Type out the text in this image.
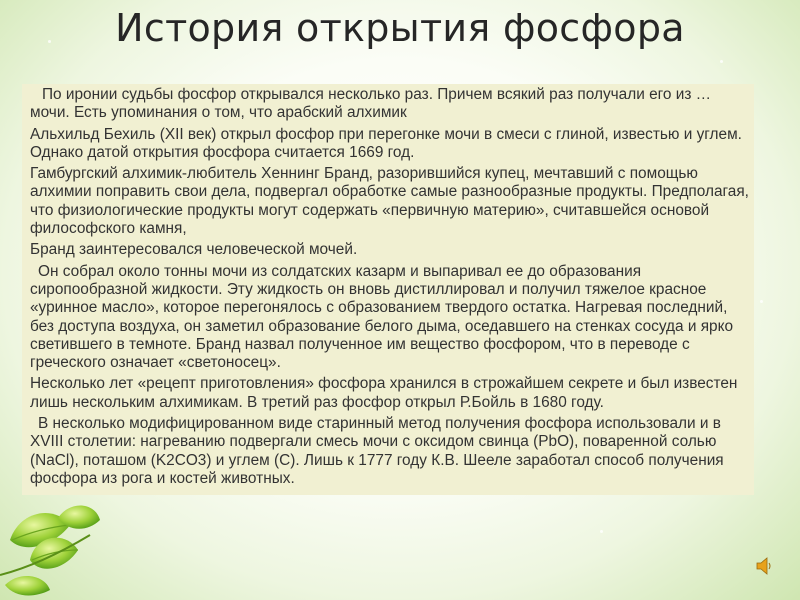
История открытия фосфора

По иронии судьбы фосфор открывался несколько раз. Причем всякий раз получали его из … мочи. Есть упоминания о том, что арабский алхимик

Альхильд Бехиль (XII век) открыл фосфор при перегонке мочи в смеси с глиной, известью и углем. Однако датой открытия фосфора считается 1669 год.

Гамбургский алхимик-любитель Хеннинг Бранд, разорившийся купец, мечтавший с помощью алхимии поправить свои дела, подвергал обработке самые разнообразные продукты. Предполагая, что физиологические продукты могут содержать «первичную материю», считавшейся основой философского камня,

Бранд заинтересовался человеческой мочей.

Он собрал около тонны мочи из солдатских казарм и выпаривал ее до образования сиропообразной жидкости. Эту жидкость он вновь дистиллировал и получил тяжелое красное «уринное масло», которое перегонялось с образованием твердого остатка. Нагревая последний, без доступа воздуха, он заметил образование белого дыма, оседавшего на стенках сосуда и ярко светившего в темноте. Бранд назвал полученное им вещество фосфором, что в переводе с греческого означает «светоносец».

Несколько лет «рецепт приготовления» фосфора хранился в строжайшем секрете и был известен лишь нескольким алхимикам. В третий раз фосфор открыл Р.Бойль в 1680 году.

В несколько модифицированном виде старинный метод получения фосфора использовали и в XVIII столетии: нагреванию подвергали смесь мочи с оксидом свинца (PbO), поваренной солью (NaCl), поташом (K2CO3) и углем (C). Лишь к 1777 году К.В. Шееле заработал способ получения фосфора из рога и костей животных.
